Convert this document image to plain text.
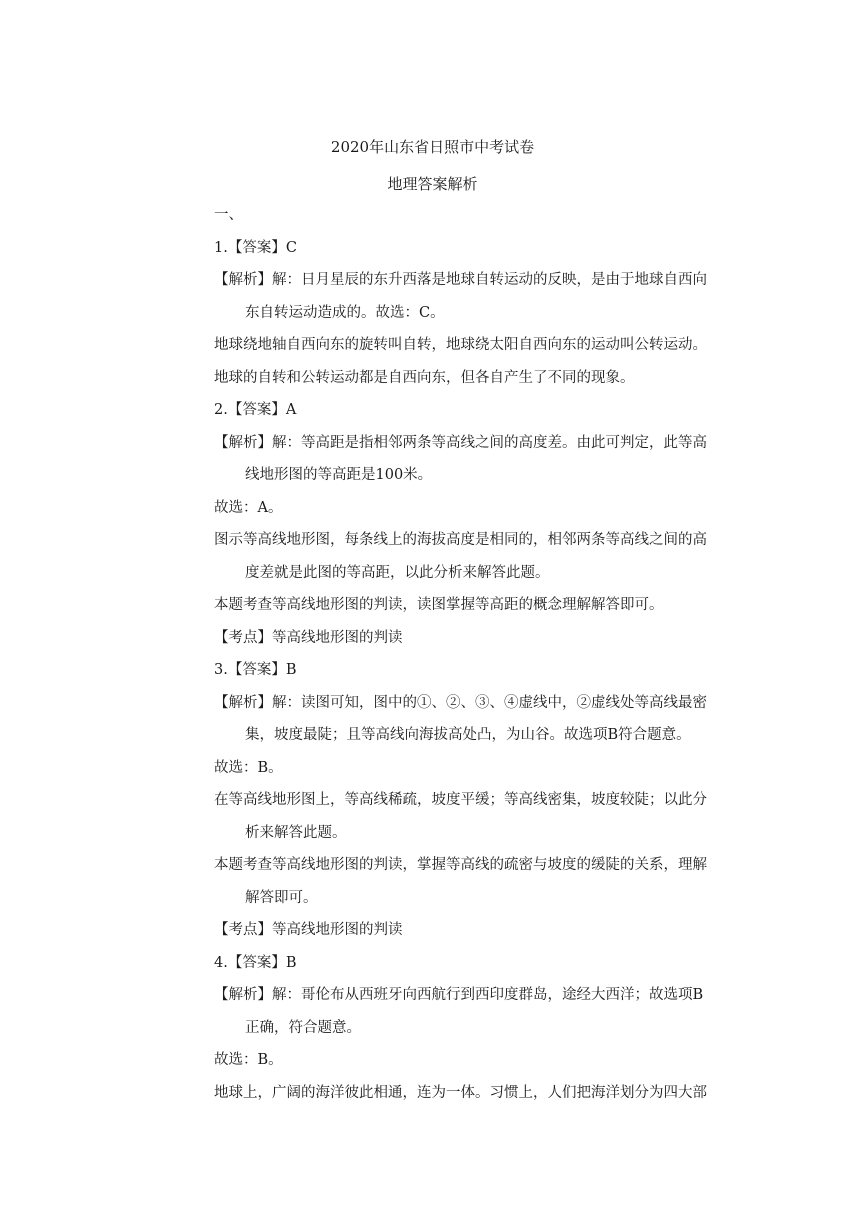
2020年山东省日照市中考试卷
地理答案解析
一、
1.【答案】C
【解析】解：日月星辰的东升西落是地球自转运动的反映，是由于地球自西向
东自转运动造成的。故选：C。
地球绕地轴自西向东的旋转叫自转，地球绕太阳自西向东的运动叫公转运动。
地球的自转和公转运动都是自西向东，但各自产生了不同的现象。
2.【答案】A
【解析】解：等高距是指相邻两条等高线之间的高度差。由此可判定，此等高
线地形图的等高距是100米。
故选：A。
图示等高线地形图，每条线上的海拔高度是相同的，相邻两条等高线之间的高
度差就是此图的等高距，以此分析来解答此题。
本题考查等高线地形图的判读，读图掌握等高距的概念理解解答即可。
【考点】等高线地形图的判读
3.【答案】B
【解析】解：读图可知，图中的①、②、③、④虚线中，②虚线处等高线最密
集，坡度最陡；且等高线向海拔高处凸，为山谷。故选项B符合题意。
故选：B。
在等高线地形图上，等高线稀疏，坡度平缓；等高线密集，坡度较陡；以此分
析来解答此题。
本题考查等高线地形图的判读，掌握等高线的疏密与坡度的缓陡的关系，理解
解答即可。
【考点】等高线地形图的判读
4.【答案】B
【解析】解：哥伦布从西班牙向西航行到西印度群岛，途经大西洋；故选项B
正确，符合题意。
故选：B。
地球上，广阔的海洋彼此相通，连为一体。习惯上，人们把海洋划分为四大部
